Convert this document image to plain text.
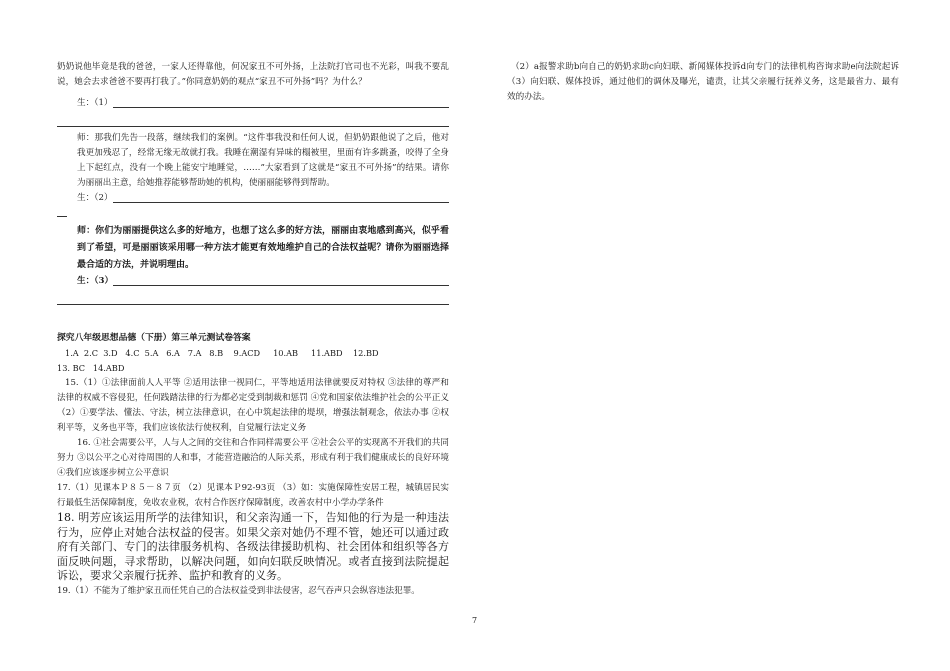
奶奶说他毕竟是我的爸爸，一家人还得靠他，何况家丑不可外扬，上法院打官司也不光彩，叫我不要乱说，她会去求爸爸不要再打我了。”你同意奶奶的观点“家丑不可外扬”吗？为什么？

生：（1）

师：那我们先告一段落，继续我们的案例。“这件事我没和任何人说，但奶奶跟他说了之后，他对我更加残忍了，经常无缘无故就打我。我睡在潮湿有异味的榻被里，里面有许多跳蚤，咬得了全身上下起红点，没有一个晚上能安宁地睡觉，……”大家看到了这就是“家丑不可外扬”的结果。请你为丽丽出主意，给她推荐能够帮助她的机构，使丽丽能够得到帮助。

生：（2）

师：你们为丽丽提供这么多的好地方，也想了这么多的好方法，丽丽由衷地感到高兴，似乎看到了希望，可是丽丽该采用哪一种方法才能更有效地维护自己的合法权益呢？请你为丽丽选择最合适的方法，并说明理由。

生：（3）

探究八年级思想品德（下册）第三单元测试卷答案

1.A  2.C  3.D   4.C  5.A   6.A   7.A   8.B    9.ACD     10.AB     11.ABD    12.BD

13. BC   14.ABD

15.（1）①法律面前人人平等 ②适用法律一视同仁，平等地适用法律就要反对特权 ③法律的尊严和法律的权威不容侵犯，任何践踏法律的行为都必定受到制裁和惩罚 ④党和国家依法维护社会的公平正义 （2）①要学法、懂法、守法，树立法律意识，在心中筑起法律的堤坝，增强法制观念，依法办事 ②权利平等，义务也平等，我们应该依法行使权利，自觉履行法定义务

16. ①社会需要公平，人与人之间的交往和合作同样需要公平 ②社会公平的实现离不开我们的共同努力 ③以公平之心对待周围的人和事，才能营造融洽的人际关系，形成有利于我们健康成长的良好环境 ④我们应该逐步树立公平意识

17.（1）见课本Ｐ８５－８７页 （2）见课本Ｐ92-93页 （3）如：实施保障性安居工程，城镇居民实行最低生活保障制度，免收农业税，农村合作医疗保障制度，改善农村中小学办学条件

18. 明芳应该运用所学的法律知识，和父亲沟通一下，告知他的行为是一种违法行为，应停止对她合法权益的侵害。如果父亲对她仍不理不管，她还可以通过政府有关部门、专门的法律服务机构、各级法律援助机构、社会团体和组织等各方面反映问题，寻求帮助，以解决问题，如向妇联反映情况。或者直接到法院提起诉讼，要求父亲履行抚养、监护和教育的义务。

19.（1）不能为了维护家丑而任凭自己的合法权益受到非法侵害，忍气吞声只会纵容违法犯罪。

（2）a报警求助b向自己的奶奶求助c向妇联、新闻媒体投诉d向专门的法律机构咨询求助e向法院起诉（3）向妇联、媒体投诉，通过他们的调休及曝光，谴责，让其父亲履行抚养义务，这是最省力、最有效的办法。

7
